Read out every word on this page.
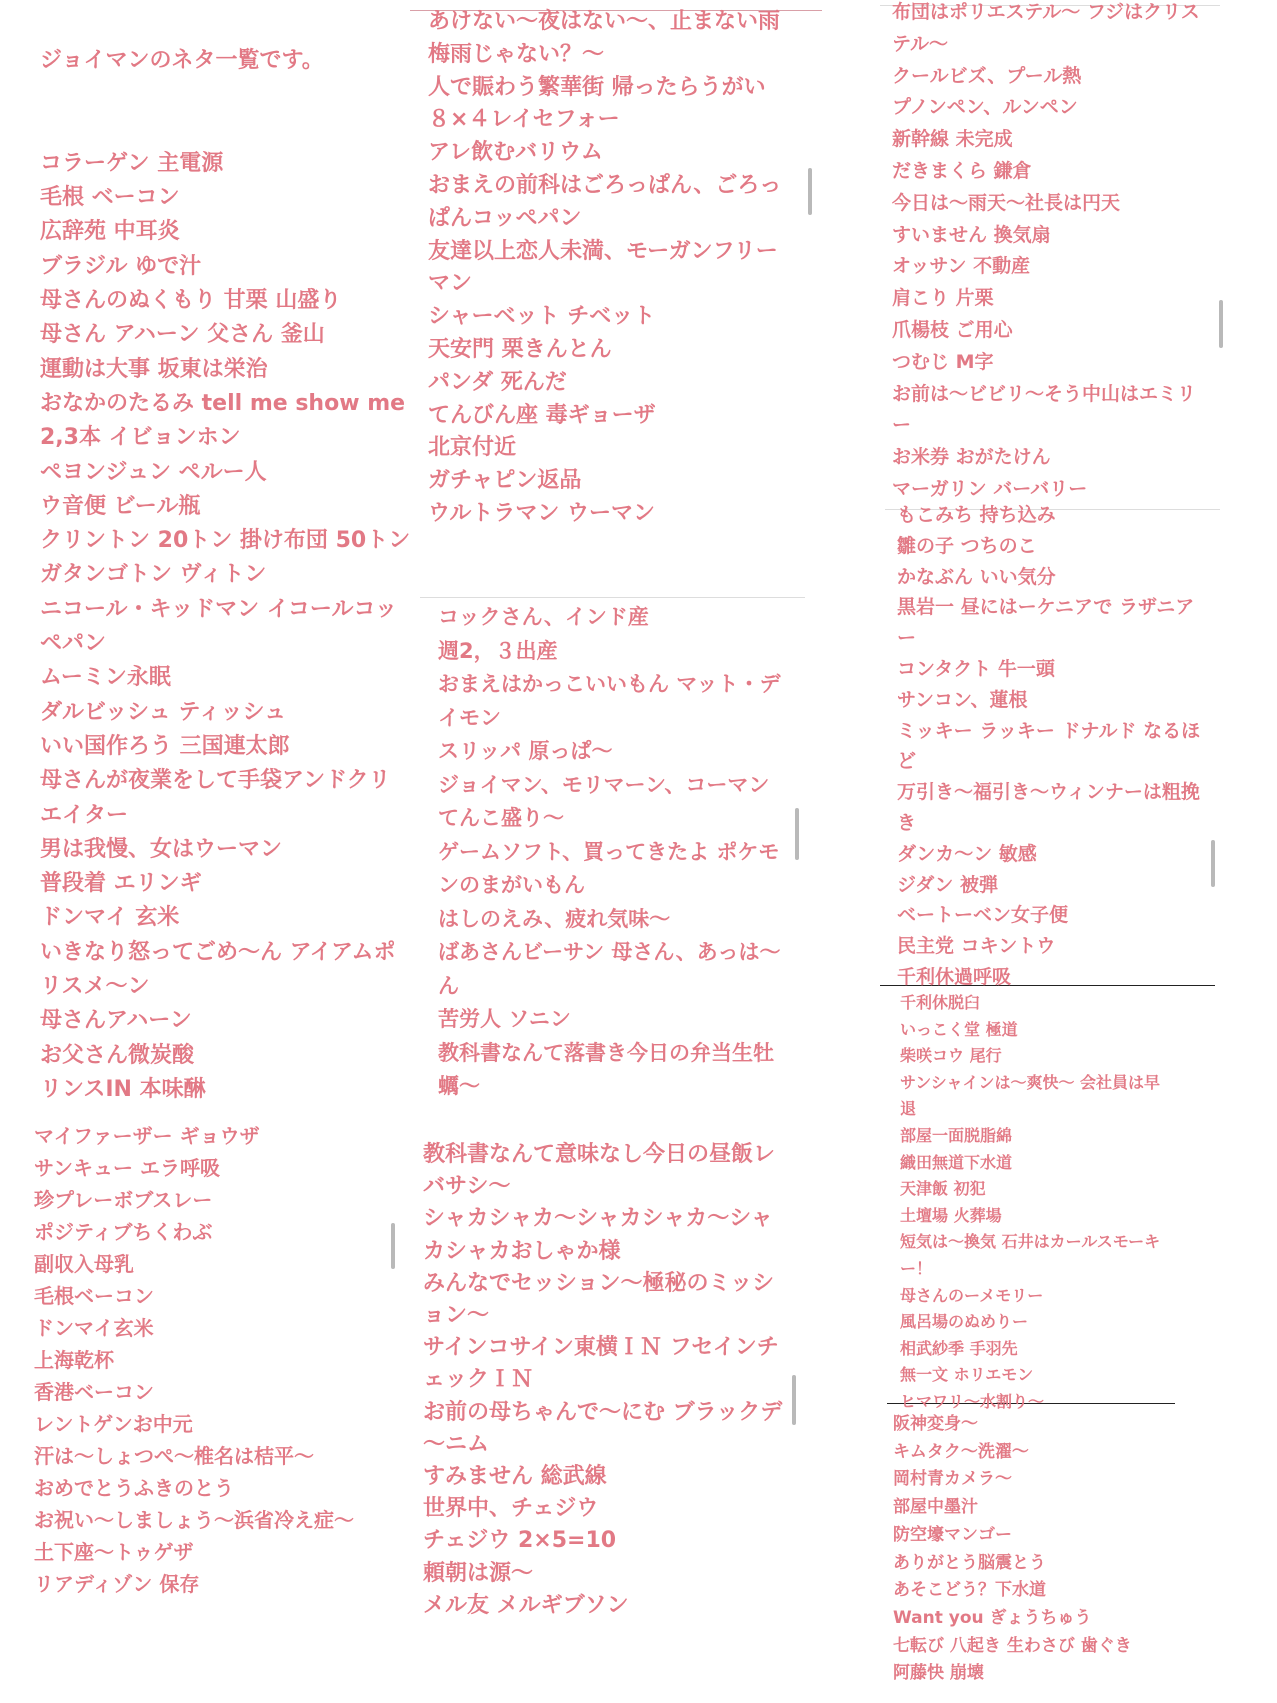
ジョイマンのネタ一覧です。

コラーゲン 主電源
毛根 ベーコン
広辞苑 中耳炎
ブラジル ゆで汁
母さんのぬくもり 甘栗 山盛り
母さん アハーン 父さん 釜山
運動は大事 坂東は栄治
おなかのたるみ tell me show me
2,3本 イビョンホン
ペヨンジュン ペルー人
ウ音便 ビール瓶
クリントン 20トン 掛け布団 50トン
ガタンゴトン ヴィトン
ニコール・キッドマン イコールコッ
ペパン
ムーミン永眠
ダルビッシュ ティッシュ
いい国作ろう 三国連太郎
母さんが夜業をして手袋アンドクリ
エイター
男は我慢、女はウーマン
普段着 エリンギ
ドンマイ 玄米
いきなり怒ってごめ〜ん アイアムポ
リスメ〜ン
母さんアハーン
お父さん微炭酸
リンスIN 本味醂
マイファーザー ギョウザ
サンキュー エラ呼吸
珍プレーボブスレー
ポジティブちくわぶ
副収入母乳
毛根ベーコン
ドンマイ玄米
上海乾杯
香港ベーコン
レントゲンお中元
汗は〜しょつぺ〜椎名は桔平〜
おめでとうふきのとう
お祝い〜しましょう〜浜省冷え症〜
土下座〜トゥゲザ
リアディゾン 保存
あけない〜夜はない〜、止まない雨
梅雨じゃない？〜
人で賑わう繁華街 帰ったらうがい
８×４レイセフォー
アレ飲むバリウム
おまえの前科はごろっぱん、ごろっ
ぱんコッペパン
友達以上恋人未満、モーガンフリー
マン
シャーベット チベット
天安門 栗きんとん
パンダ 死んだ
てんびん座 毒ギョーザ
北京付近
ガチャピン返品
ウルトラマン ウーマン
コックさん、インド産
週2，３出産
おまえはかっこいいもん マット・デ
イモン
スリッパ 原っぱ〜
ジョイマン、モリマーン、コーマン
てんこ盛り〜
ゲームソフト、買ってきたよ ポケモ
ンのまがいもん
はしのえみ、疲れ気味〜
ばあさんビーサン 母さん、あっは〜
ん
苦労人 ソニン
教科書なんて落書き今日の弁当生牡
蠣〜
教科書なんて意味なし今日の昼飯レ
バサシ〜
シャカシャカ〜シャカシャカ〜シャ
カシャカおしゃか様
みんなでセッション〜極秘のミッシ
ョン〜
サインコサイン東横ＩＮ フセインチ
ェックＩＮ
お前の母ちゃんで〜にむ ブラックデ
〜ニム
すみません 総武線
世界中、チェジウ
チェジウ 2×5=10
頼朝は源〜
メル友 メルギブソン
布団はポリエステル〜 フジはクリス
テル〜
クールビズ、プール熱
プノンペン、ルンペン
新幹線 未完成
だきまくら 鎌倉
今日は〜雨天〜社長は円天
すいません 換気扇
オッサン 不動産
肩こり 片栗
爪楊枝 ご用心
つむじ M字
お前は〜ビビリ〜そう中山はエミリ
ー
お米券 おがたけん
マーガリン バーバリー
もこみち 持ち込み
雛の子 つちのこ
かなぶん いい気分
黒岩一 昼にはーケニアで ラザニア
ー
コンタクト 牛一頭
サンコン、蓮根
ミッキー ラッキー ドナルド なるほ
ど
万引き〜福引き〜ウィンナーは粗挽
き
ダンカ〜ン 敏感
ジダン 被弾
ベートーベン女子便
民主党 コキントウ
千利休過呼吸
千利休脱臼
いっこく堂 極道
柴咲コウ 尾行
サンシャインは〜爽快〜 会社員は早
退
部屋一面脱脂綿
織田無道下水道
天津飯 初犯
土壇場 火葬場
短気は〜換気 石井はカールスモーキ
ー！
母さんのーメモリー
風呂場のぬめりー
相武紗季 手羽先
無一文 ホリエモン
ヒマワリ〜水割り〜
阪神変身〜
キムタク〜洗濯〜
岡村青カメラ〜
部屋中墨汁
防空壕マンゴー
ありがとう脳震とう
あそこどう？下水道
Want you ぎょうちゅう
七転び 八起き 生わさび 歯ぐき
阿藤快 崩壊
